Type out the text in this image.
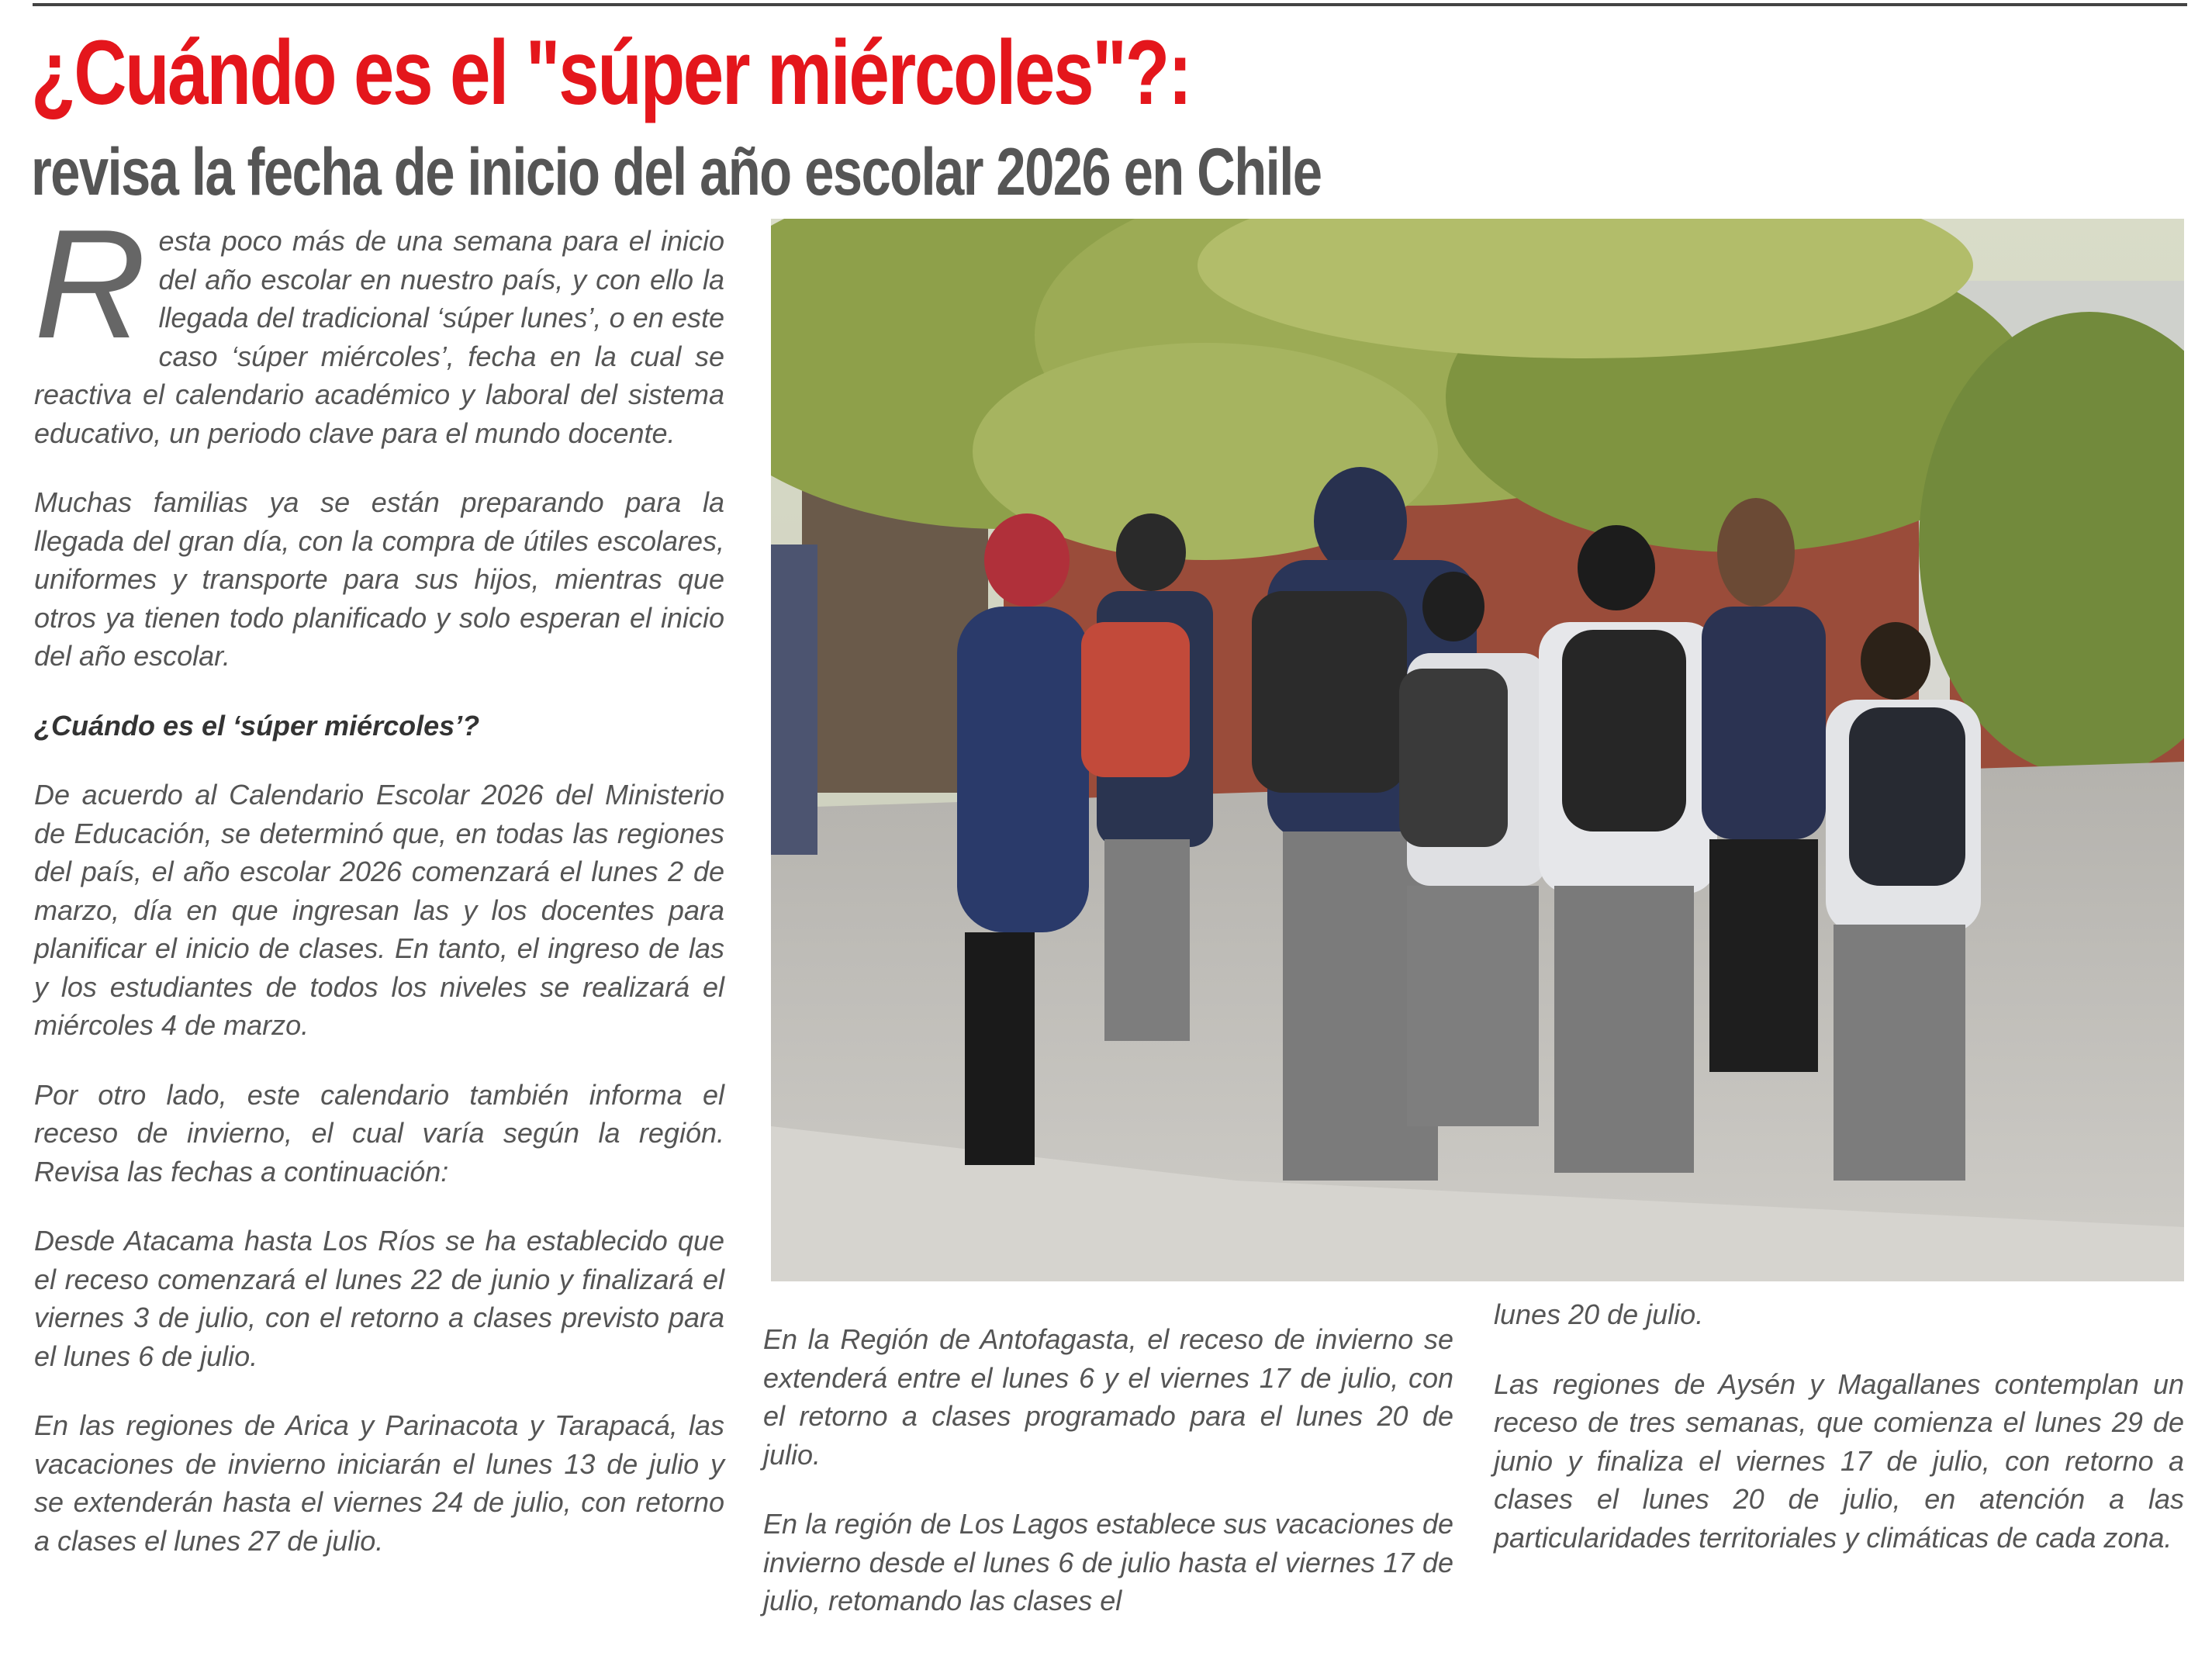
¿Cuándo es el "súper miércoles"?:
revisa la fecha de inicio del año escolar 2026 en Chile

Resta poco más de una semana para el inicio del año escolar en nuestro país, y con ello la llegada del tradicional ‘súper lunes’, o en este caso ‘súper miércoles’, fecha en la cual se reactiva el calendario académico y laboral del sistema educativo, un periodo clave para el mundo docente.

Muchas familias ya se están preparando para la llegada del gran día, con la compra de útiles escolares, uniformes y transporte para sus hijos, mientras que otros ya tienen todo planificado y solo esperan el inicio del año escolar.

¿Cuándo es el ‘súper miércoles’?

De acuerdo al Calendario Escolar 2026 del Ministerio de Educación, se determinó que, en todas las regiones del país, el año escolar 2026 comenzará el lunes 2 de marzo, día en que ingresan las y los docentes para planificar el inicio de clases. En tanto, el ingreso de las y los estudiantes de todos los niveles se realizará el miércoles 4 de marzo.

Por otro lado, este calendario también informa el receso de invierno, el cual varía según la región. Revisa las fechas a continuación:

Desde Atacama hasta Los Ríos se ha establecido que el receso comenzará el lunes 22 de junio y finalizará el viernes 3 de julio, con el retorno a clases previsto para el lunes 6 de julio.

En las regiones de Arica y Parinacota y Tarapacá, las vacaciones de invierno iniciarán el lunes 13 de julio y se extenderán hasta el viernes 24 de julio, con retorno a clases el lunes 27 de julio.

En la Región de Antofagasta, el receso de invierno se extenderá entre el lunes 6 y el viernes 17 de julio, con el retorno a clases programado para el lunes 20 de julio.

En la región de Los Lagos establece sus vacaciones de invierno desde el lunes 6 de julio hasta el viernes 17 de julio, retomando las clases el

lunes 20 de julio.

Las regiones de Aysén y Magallanes contemplan un receso de tres semanas, que comienza el lunes 29 de junio y finaliza el viernes 17 de julio, con retorno a clases el lunes 20 de julio, en atención a las particularidades territoriales y climáticas de cada zona.
